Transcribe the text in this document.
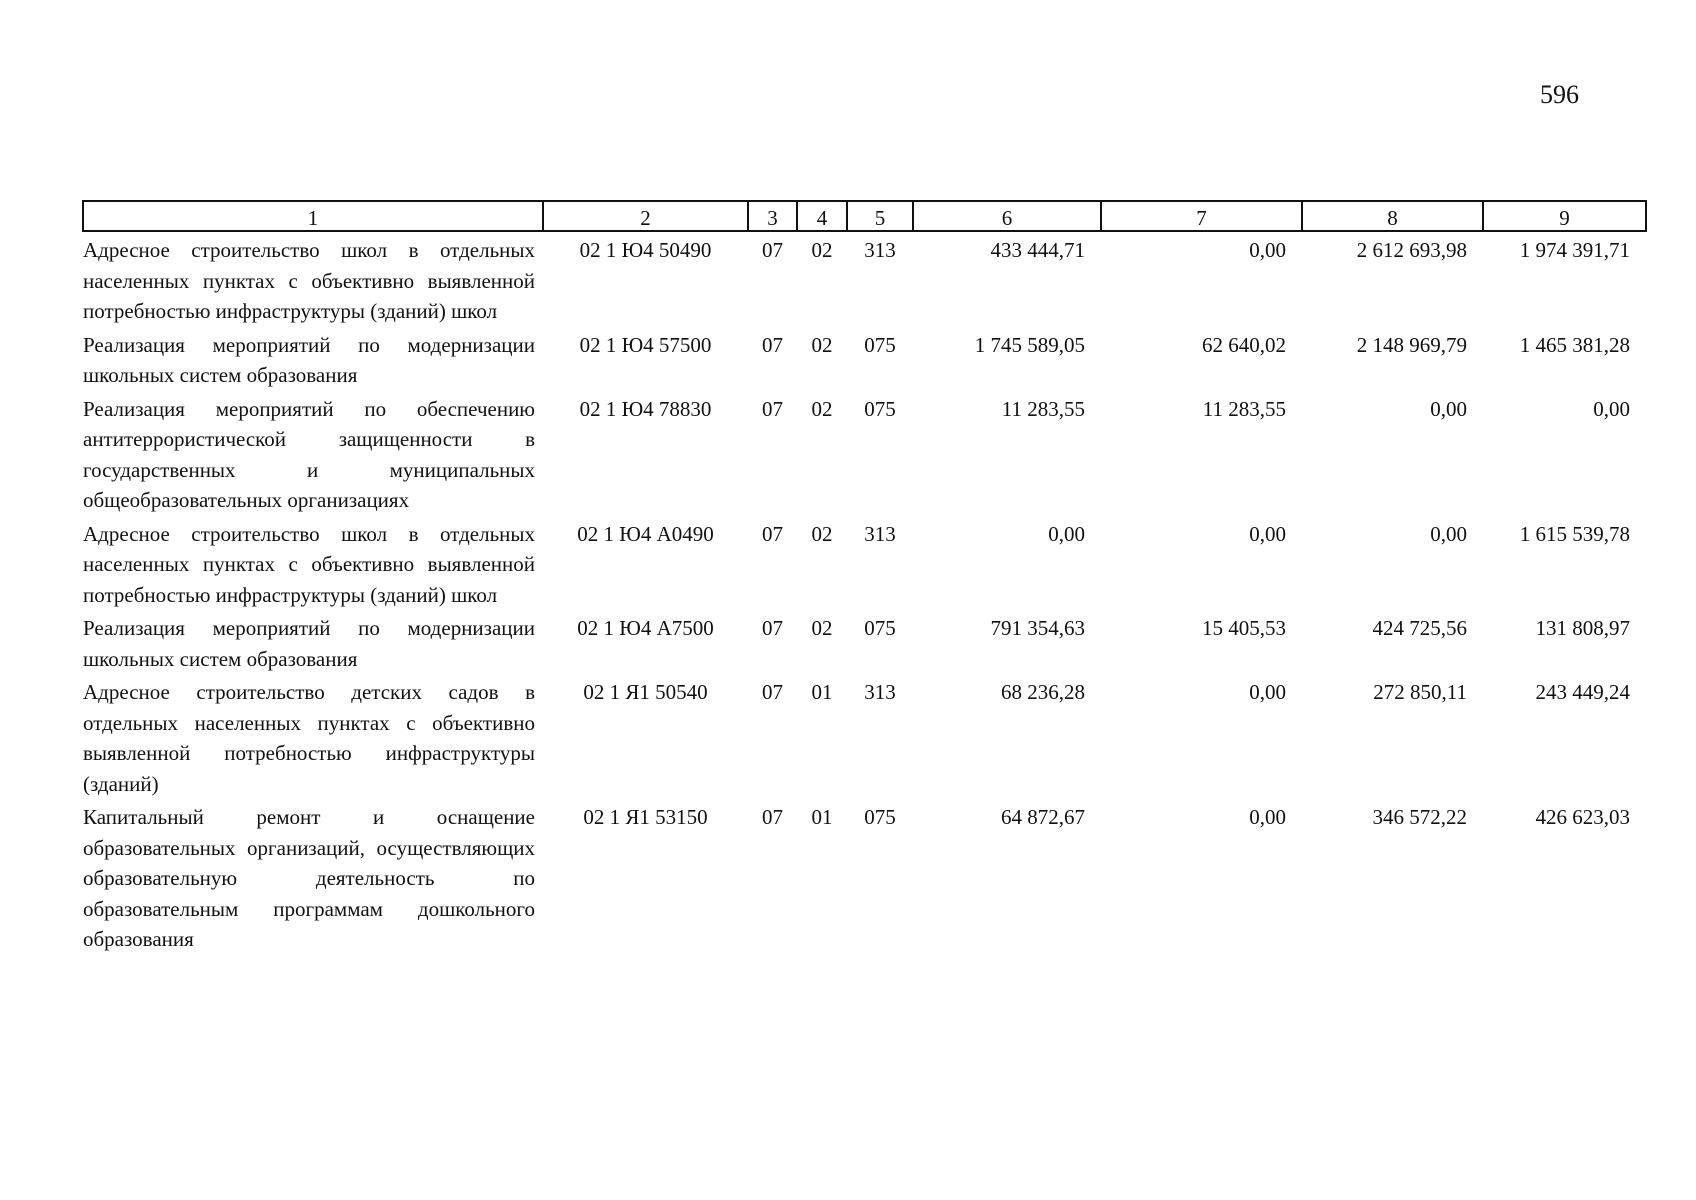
596
1	2	3	4	5	6	7	8	9
Адресное строительство школ в отдельных населенных пунктах с объективно выявленной потребностью инфраструктуры (зданий) школ	02 1 Ю4 50490	07	02	313	433 444,71	0,00	2 612 693,98	1 974 391,71
Реализация мероприятий по модернизации школьных систем образования	02 1 Ю4 57500	07	02	075	1 745 589,05	62 640,02	2 148 969,79	1 465 381,28
Реализация мероприятий по обеспечению антитеррористической защищенности в государственных и муниципальных общеобразовательных организациях	02 1 Ю4 78830	07	02	075	11 283,55	11 283,55	0,00	0,00
Адресное строительство школ в отдельных населенных пунктах с объективно выявленной потребностью инфраструктуры (зданий) школ	02 1 Ю4 А0490	07	02	313	0,00	0,00	0,00	1 615 539,78
Реализация мероприятий по модернизации школьных систем образования	02 1 Ю4 А7500	07	02	075	791 354,63	15 405,53	424 725,56	131 808,97
Адресное строительство детских садов в отдельных населенных пунктах с объективно выявленной потребностью инфраструктуры (зданий)	02 1 Я1 50540	07	01	313	68 236,28	0,00	272 850,11	243 449,24
Капитальный ремонт и оснащение образовательных организаций, осуществляющих образовательную деятельность по образовательным программам дошкольного образования	02 1 Я1 53150	07	01	075	64 872,67	0,00	346 572,22	426 623,03
